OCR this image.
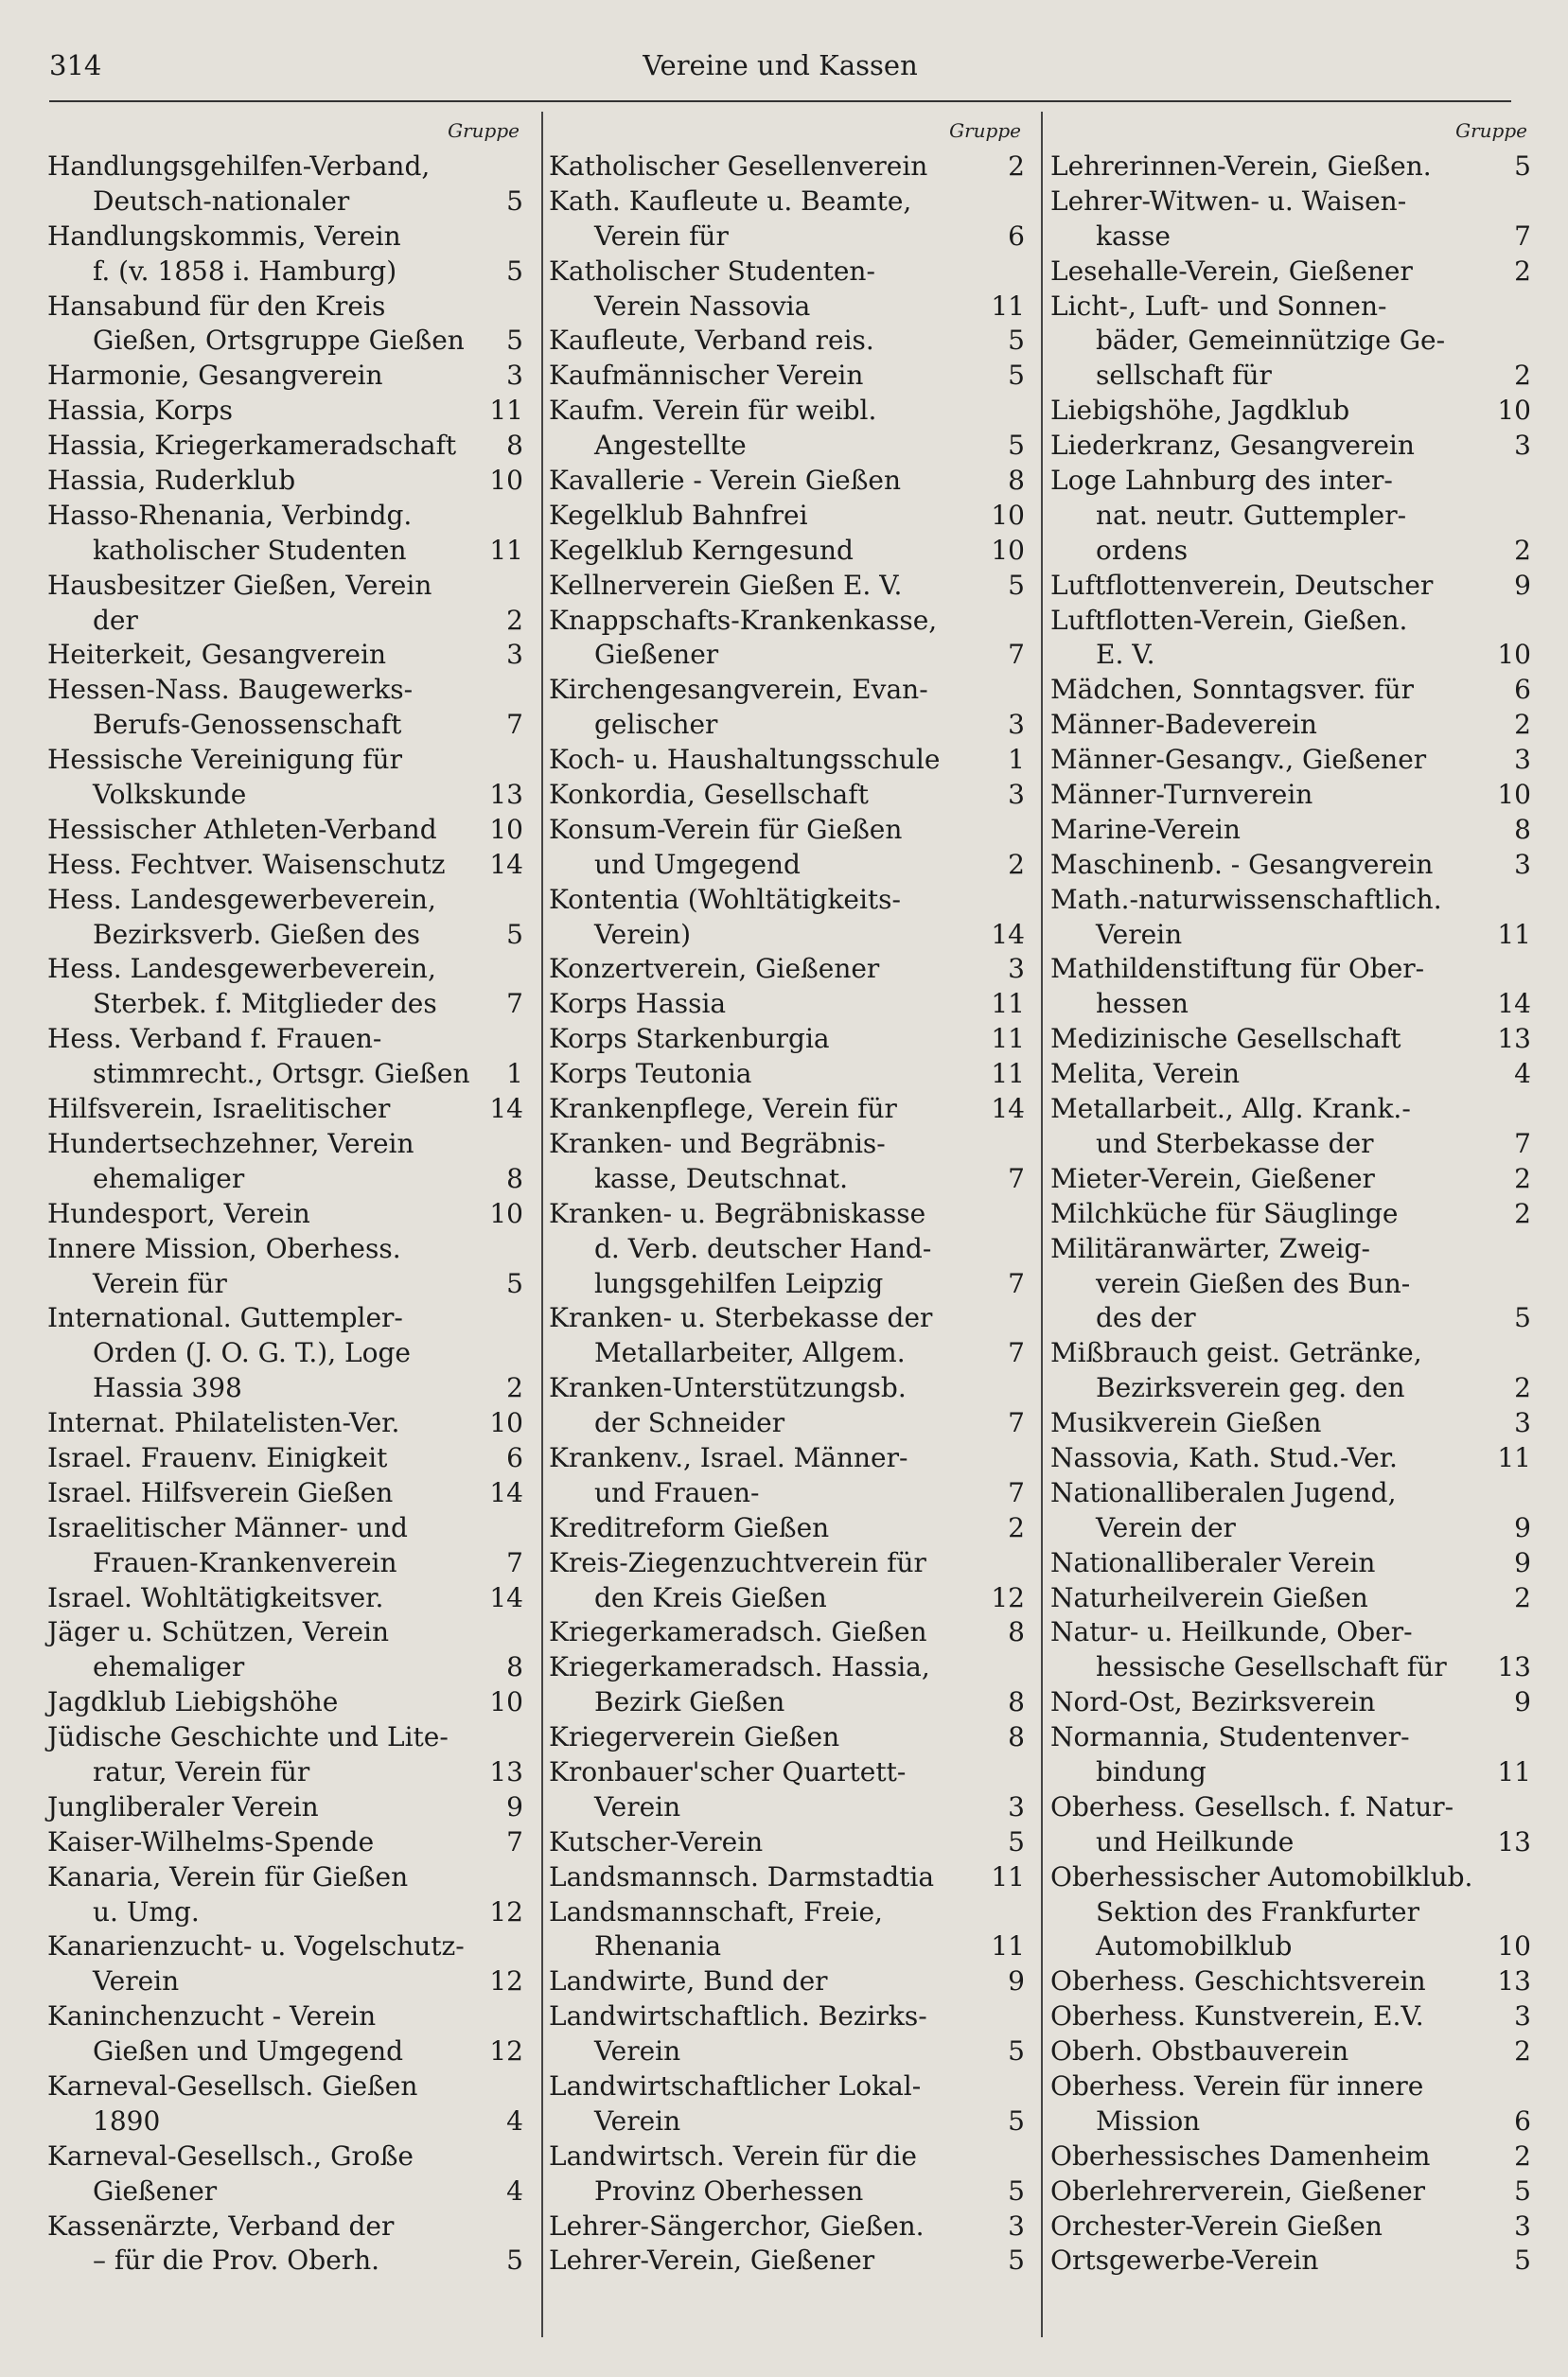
314	Vereine und Kassen
Gruppe
Handlungsgehilfen-Verband,
Deutsch-nationaler	5
Handlungskommis, Verein
f. (v. 1858 i. Hamburg)	5
Hansabund für den Kreis
Gießen, Ortsgruppe Gießen	5
Harmonie, Gesangverein	3
Hassia, Korps	11
Hassia, Kriegerkameradschaft	8
Hassia, Ruderklub	10
Hasso-Rhenania, Verbindg.
katholischer Studenten	11
Hausbesitzer Gießen, Verein
der	2
Heiterkeit, Gesangverein	3
Hessen-Nass. Baugewerks-
Berufs-Genossenschaft	7
Hessische Vereinigung für
Volkskunde	13
Hessischer Athleten-Verband	10
Hess. Fechtver. Waisenschutz	14
Hess. Landesgewerbeverein,
Bezirksverb. Gießen des	5
Hess. Landesgewerbeverein,
Sterbek. f. Mitglieder des	7
Hess. Verband f. Frauen-
stimmrecht., Ortsgr. Gießen	1
Hilfsverein, Israelitischer	14
Hundertsechzehner, Verein
ehemaliger	8
Hundesport, Verein	10
Innere Mission, Oberhess.
Verein für	5
International. Guttempler-
Orden (J. O. G. T.), Loge
Hassia 398	2
Internat. Philatelisten-Ver.	10
Israel. Frauenv. Einigkeit	6
Israel. Hilfsverein Gießen	14
Israelitischer Männer- und
Frauen-Krankenverein	7
Israel. Wohltätigkeitsver.	14
Jäger u. Schützen, Verein
ehemaliger	8
Jagdklub Liebigshöhe	10
Jüdische Geschichte und Lite-
ratur, Verein für	13
Jungliberaler Verein	9
Kaiser-Wilhelms-Spende	7
Kanaria, Verein für Gießen
u. Umg.	12
Kanarienzucht- u. Vogelschutz-
Verein	12
Kaninchenzucht - Verein
Gießen und Umgegend	12
Karneval-Gesellsch. Gießen
1890	4
Karneval-Gesellsch., Große
Gießener	4
Kassenärzte, Verband der
– für die Prov. Oberh.	5
Gruppe
Katholischer Gesellenverein	2
Kath. Kaufleute u. Beamte,
Verein für	6
Katholischer Studenten-
Verein Nassovia	11
Kaufleute, Verband reis.	5
Kaufmännischer Verein	5
Kaufm. Verein für weibl.
Angestellte	5
Kavallerie - Verein Gießen	8
Kegelklub Bahnfrei	10
Kegelklub Kerngesund	10
Kellnerverein Gießen E. V.	5
Knappschafts-Krankenkasse,
Gießener	7
Kirchengesangverein, Evan-
gelischer	3
Koch- u. Haushaltungsschule	1
Konkordia, Gesellschaft	3
Konsum-Verein für Gießen
und Umgegend	2
Kontentia (Wohltätigkeits-
Verein)	14
Konzertverein, Gießener	3
Korps Hassia	11
Korps Starkenburgia	11
Korps Teutonia	11
Krankenpflege, Verein für	14
Kranken- und Begräbnis-
kasse, Deutschnat.	7
Kranken- u. Begräbniskasse
d. Verb. deutscher Hand-
lungsgehilfen Leipzig	7
Kranken- u. Sterbekasse der
Metallarbeiter, Allgem.	7
Kranken-Unterstützungsb.
der Schneider	7
Krankenv., Israel. Männer-
und Frauen-	7
Kreditreform Gießen	2
Kreis-Ziegenzuchtverein für
den Kreis Gießen	12
Kriegerkameradsch. Gießen	8
Kriegerkameradsch. Hassia,
Bezirk Gießen	8
Kriegerverein Gießen	8
Kronbauer'scher Quartett-
Verein	3
Kutscher-Verein	5
Landsmannsch. Darmstadtia	11
Landsmannschaft, Freie,
Rhenania	11
Landwirte, Bund der	9
Landwirtschaftlich. Bezirks-
Verein	5
Landwirtschaftlicher Lokal-
Verein	5
Landwirtsch. Verein für die
Provinz Oberhessen	5
Lehrer-Sängerchor, Gießen.	3
Lehrer-Verein, Gießener	5
Gruppe
Lehrerinnen-Verein, Gießen.	5
Lehrer-Witwen- u. Waisen-
kasse	7
Lesehalle-Verein, Gießener	2
Licht-, Luft- und Sonnen-
bäder, Gemeinnützige Ge-
sellschaft für	2
Liebigshöhe, Jagdklub	10
Liederkranz, Gesangverein	3
Loge Lahnburg des inter-
nat. neutr. Guttempler-
ordens	2
Luftflottenverein, Deutscher	9
Luftflotten-Verein, Gießen.
E. V.	10
Mädchen, Sonntagsver. für	6
Männer-Badeverein	2
Männer-Gesangv., Gießener	3
Männer-Turnverein	10
Marine-Verein	8
Maschinenb. - Gesangverein	3
Math.-naturwissenschaftlich.
Verein	11
Mathildenstiftung für Ober-
hessen	14
Medizinische Gesellschaft	13
Melita, Verein	4
Metallarbeit., Allg. Krank.-
und Sterbekasse der	7
Mieter-Verein, Gießener	2
Milchküche für Säuglinge	2
Militäranwärter, Zweig-
verein Gießen des Bun-
des der	5
Mißbrauch geist. Getränke,
Bezirksverein geg. den	2
Musikverein Gießen	3
Nassovia, Kath. Stud.-Ver.	11
Nationalliberalen Jugend,
Verein der	9
Nationalliberaler Verein	9
Naturheilverein Gießen	2
Natur- u. Heilkunde, Ober-
hessische Gesellschaft für	13
Nord-Ost, Bezirksverein	9
Normannia, Studentenver-
bindung	11
Oberhess. Gesellsch. f. Natur-
und Heilkunde	13
Oberhessischer Automobilklub.
Sektion des Frankfurter
Automobilklub	10
Oberhess. Geschichtsverein	13
Oberhess. Kunstverein, E.V.	3
Oberh. Obstbauverein	2
Oberhess. Verein für innere
Mission	6
Oberhessisches Damenheim	2
Oberlehrerverein, Gießener	5
Orchester-Verein Gießen	3
Ortsgewerbe-Verein	5
